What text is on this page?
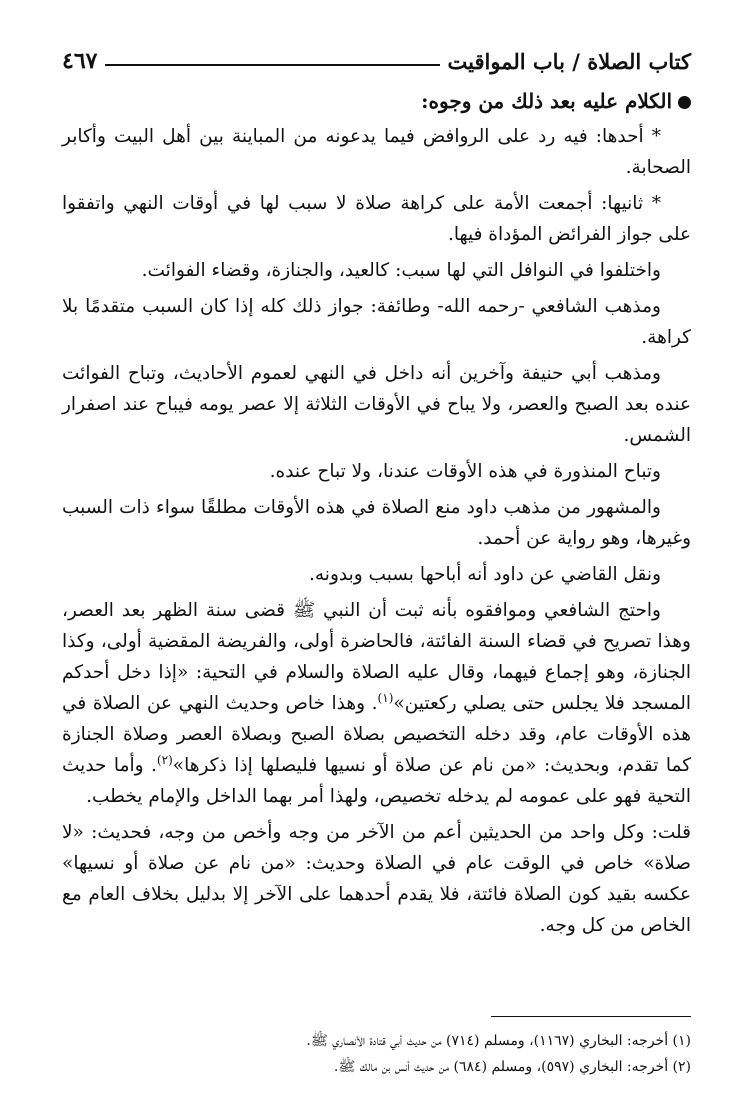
كتاب الصلاة / باب المواقيت
٤٦٧
الكلام عليه بعد ذلك من وجوه:

* أحدها: فيه رد على الروافض فيما يدعونه من المباينة بين أهل البيت وأكابر الصحابة.

* ثانيها: أجمعت الأمة على كراهة صلاة لا سبب لها في أوقات النهي واتفقوا على جواز الفرائض المؤداة فيها.

واختلفوا في النوافل التي لها سبب: كالعيد، والجنازة، وقضاء الفوائت.

ومذهب الشافعي -رحمه الله- وطائفة: جواز ذلك كله إذا كان السبب متقدمًا بلا كراهة.

ومذهب أبي حنيفة وآخرين أنه داخل في النهي لعموم الأحاديث، وتباح الفوائت عنده بعد الصبح والعصر، ولا يباح في الأوقات الثلاثة إلا عصر يومه فيباح عند اصفرار الشمس.

وتباح المنذورة في هذه الأوقات عندنا، ولا تباح عنده.

والمشهور من مذهب داود منع الصلاة في هذه الأوقات مطلقًا سواء ذات السبب وغيرها، وهو رواية عن أحمد.

ونقل القاضي عن داود أنه أباحها بسبب وبدونه.

واحتج الشافعي وموافقوه بأنه ثبت أن النبي ﷺ قضى سنة الظهر بعد العصر، وهذا تصريح في قضاء السنة الفائتة، فالحاضرة أولى، والفريضة المقضية أولى، وكذا الجنازة، وهو إجماع فيهما، وقال عليه الصلاة والسلام في التحية: «إذا دخل أحدكم المسجد فلا يجلس حتى يصلي ركعتين»$^{(١)}$. وهذا خاص وحديث النهي عن الصلاة في هذه الأوقات عام، وقد دخله التخصيص بصلاة الصبح وبصلاة العصر وصلاة الجنازة كما تقدم، وبحديث: «من نام عن صلاة أو نسيها فليصلها إذا ذكرها»$^{(٢)}$. وأما حديث التحية فهو على عمومه لم يدخله تخصيص، ولهذا أمر بهما الداخل والإمام يخطب.

قلت: وكل واحد من الحديثين أعم من الآخر من وجه وأخص من وجه، فحديث: «لا صلاة» خاص في الوقت عام في الصلاة وحديث: «من نام عن صلاة أو نسيها» عكسه بقيد كون الصلاة فائتة، فلا يقدم أحدهما على الآخر إلا بدليل بخلاف العام مع الخاص من كل وجه.

(١) أخرجه: البخاري (١١٦٧)، ومسلم (٧١٤) من حديث أبي قتادة الأنصاري ﷺ.
(٢) أخرجه: البخاري (٥٩٧)، ومسلم (٦٨٤) من حديث أنس بن مالك ﷺ.
